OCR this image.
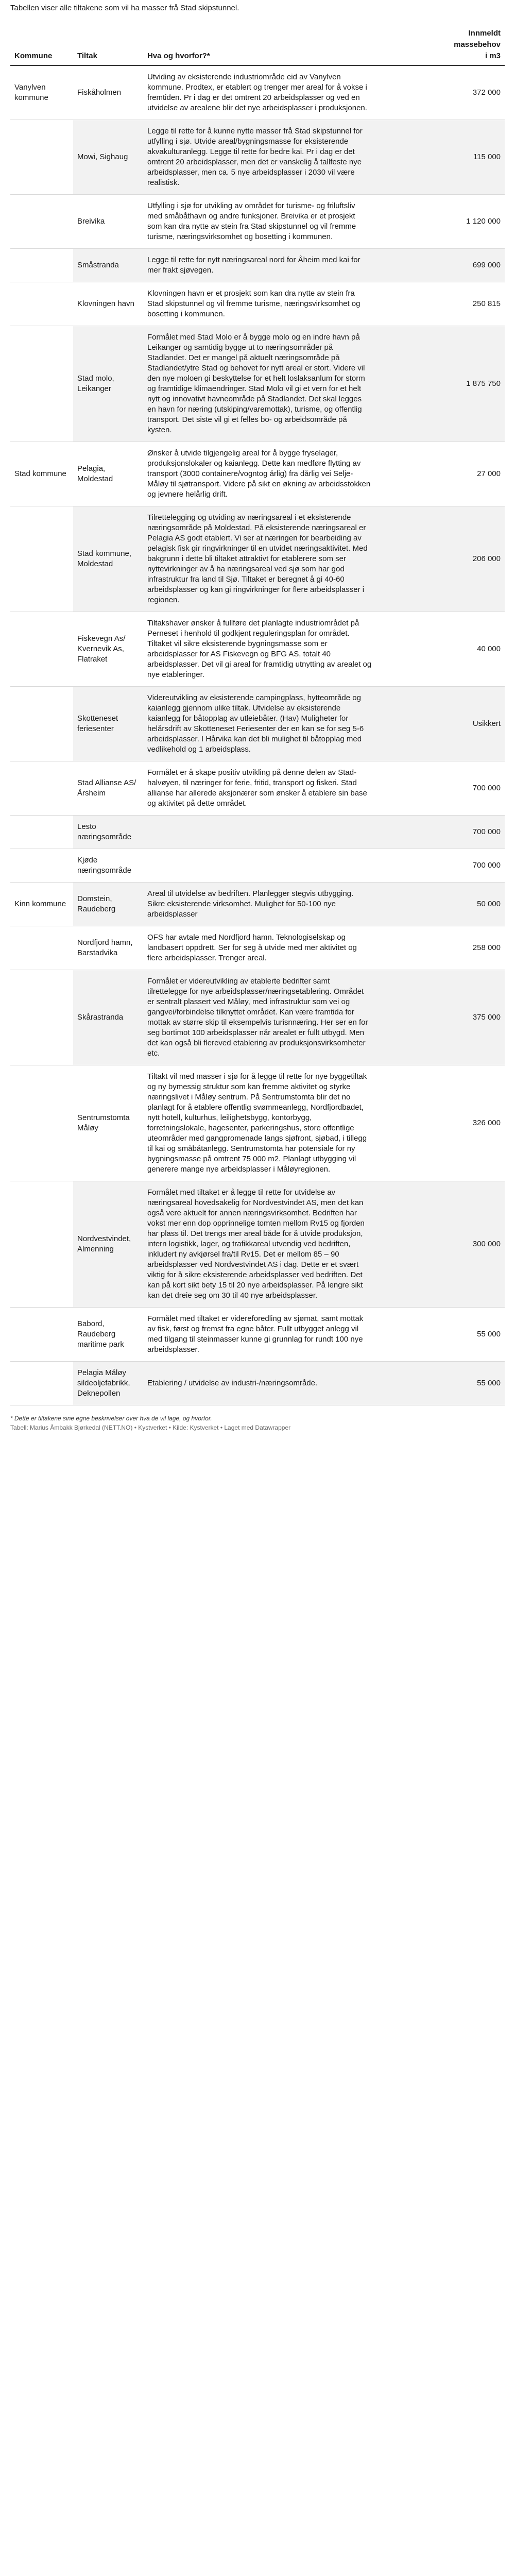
Tabellen viser alle tiltakene som vil ha masser frå Stad skipstunnel.

Kommune	Tiltak	Hva og hvorfor?*	Innmeldt
massebehov
i m3
Vanylven kommune	Fiskåholmen	Utviding av eksisterende industriområde eid av Vanylven kommune. Prodtex, er etablert og trenger mer areal for å vokse i fremtiden. Pr i dag er det omtrent 20 arbeidsplasser og ved en utvidelse av arealene blir det nye arbeidsplasser i produksjonen.	372 000
	Mowi, Sighaug	Legge til rette for å kunne nytte masser frå Stad skipstunnel for utfylling i sjø. Utvide areal/bygningsmasse for eksisterende akvakulturanlegg. Legge til rette for bedre kai. Pr i dag er det omtrent 20 arbeidsplasser, men det er vanskelig å tallfeste nye arbeidsplasser, men ca. 5 nye arbeidsplasser i 2030 vil være realistisk.	115 000
	Breivika	Utfylling i sjø for utvikling av området for turisme- og friluftsliv med småbåthavn og andre funksjoner. Breivika er et prosjekt som kan dra nytte av stein fra Stad skipstunnel og vil fremme turisme, næringsvirksomhet og bosetting i kommunen.	1 120 000
	Småstranda	Legge til rette for nytt næringsareal nord for Åheim med kai for mer frakt sjøvegen.	699 000
	Klovningen havn	Klovningen havn er et prosjekt som kan dra nytte av stein fra Stad skipstunnel og vil fremme turisme, næringsvirksomhet og bosetting i kommunen.	250 815
	Stad molo, Leikanger	Formålet med Stad Molo er å bygge molo og en indre havn på Leikanger og samtidig bygge ut to næringsområder på Stadlandet. Det er mangel på aktuelt næringsområde på Stadlandet/ytre Stad og behovet for nytt areal er stort. Videre vil den nye moloen gi beskyttelse for et helt loslaksanlum for storm og framtidige klimaendringer. Stad Molo vil gi et vern for et helt nytt og innovativt havneområde på Stadlandet. Det skal legges en havn for næring (utskiping/varemottak), turisme, og offentlig transport. Det siste vil gi et felles bo- og arbeidsområde på kysten.	1 875 750
Stad kommune	Pelagia, Moldestad	Ønsker å utvide tilgjengelig areal for å bygge fryselager, produksjonslokaler og kaianlegg. Dette kan medføre flytting av transport (3000 containere/vogntog årlig) fra dårlig vei Selje- Måløy til sjøtransport. Videre på sikt en økning av arbeidsstokken og jevnere helårlig drift.	27 000
	Stad kommune, Moldestad	Tilrettelegging og utviding av næringsareal i et eksisterende næringsområde på Moldestad. På eksisterende næringsareal er Pelagia AS godt etablert. Vi ser at næringen for bearbeiding av pelagisk fisk gir ringvirkninger til en utvidet næringsaktivitet. Med bakgrunn i dette bli tiltaket attraktivt for etablerere som ser nyttevirkninger av å ha næringsareal ved sjø som har god infrastruktur fra land til Sjø. Tiltaket er beregnet å gi 40-60 arbeidsplasser og kan gi ringvirkninger for flere arbeidsplasser i regionen.	206 000
	Fiskevegn As/ Kvernevik As, Flatraket	Tiltakshaver ønsker å fullføre det planlagte industriområdet på Perneset i henhold til godkjent reguleringsplan for området. Tiltaket vil sikre eksisterende bygningsmasse som er arbeidsplasser for AS Fiskevegn og BFG AS, totalt 40 arbeidsplasser. Det vil gi areal for framtidig utnytting av arealet og nye etableringer.	40 000
	Skotteneset feriesenter	Videreutvikling av eksisterende campingplass, hytteområde og kaianlegg gjennom ulike tiltak. Utvidelse av eksisterende kaianlegg for båtopplag av utleiebåter. (Hav) Muligheter for helårsdrift av Skotteneset Feriesenter der en kan se for seg 5-6 arbeidsplasser. I Hårvika kan det bli mulighet til båtopplag med vedlikehold og 1 arbeidsplass.	Usikkert
	Stad Allianse AS/ Årsheim	Formålet er å skape positiv utvikling på denne delen av Stad-halvøyen, til næringer for ferie, fritid, transport og fiskeri. Stad allianse har allerede aksjonærer som ønsker å etablere sin base og aktivitet på dette området.	700 000
	Lesto næringsområde		700 000
	Kjøde næringsområde		700 000
Kinn kommune	Domstein, Raudeberg	Areal til utvidelse av bedriften. Planlegger stegvis utbygging. Sikre eksisterende virksomhet. Mulighet for 50-100 nye arbeidsplasser	50 000
	Nordfjord hamn, Barstadvika	OFS har avtale med Nordfjord hamn. Teknologiselskap og landbasert oppdrett. Ser for seg å utvide med mer aktivitet og flere arbeidsplasser. Trenger areal.	258 000
	Skårastranda	Formålet er videreutvikling av etablerte bedrifter samt tilrettelegge for nye arbeidsplasser/næringsetablering. Området er sentralt plassert ved Måløy, med infrastruktur som vei og gangvei/forbindelse tilknyttet området. Kan være framtida for mottak av større skip til eksempelvis turisnnæring. Her ser en for seg bortimot 100 arbeidsplasser når arealet er fullt utbygd. Men det kan også bli flereved etablering av produksjonsvirksomheter etc.	375 000
	Sentrumstomta Måløy	Tiltakt vil med masser i sjø for å legge til rette for nye byggetiltak og ny bymessig struktur som kan fremme aktivitet og styrke næringslivet i Måløy sentrum. På Sentrumstomta blir det no planlagt for å etablere offentlig svømmeanlegg, Nordfjordbadet, nytt hotell, kulturhus, leilighetsbygg, kontorbygg, forretningslokale, hagesenter, parkeringshus, store offentlige uteområder med gangpromenade langs sjøfront, sjøbad, i tillegg til kai og småbåtanlegg. Sentrumstomta har potensiale for ny bygningsmasse på omtrent 75 000 m2. Planlagt utbygging vil generere mange nye arbeidsplasser i Måløyregionen.	326 000
	Nordvestvindet, Almenning	Formålet med tiltaket er å legge til rette for utvidelse av næringsareal hovedsakelig for Nordvestvindet AS, men det kan også vere aktuelt for annen næringsvirksomhet. Bedriften har vokst mer enn dop opprinnelige tomten mellom Rv15 og fjorden har plass til. Det trengs mer areal både for å utvide produksjon, intern logistikk, lager, og trafikkareal utvendig ved bedriften, inkludert ny avkjørsel fra/til Rv15. Det er mellom 85 – 90 arbeidsplasser ved Nordvestvindet AS i dag. Dette er et svært viktig for å sikre eksisterende arbeidsplasser ved bedriften. Det kan på kort sikt bety 15 til 20 nye arbeidsplasser. På lengre sikt kan det dreie seg om 30 til 40 nye arbeidsplasser.	300 000
	Babord, Raudeberg maritime park	Formålet med tiltaket er videreforedling av sjømat, samt mottak av fisk, først og fremst fra egne båter. Fullt utbygget anlegg vil med tilgang til steinmasser kunne gi grunnlag for rundt 100 nye arbeidsplasser.	55 000
	Pelagia Måløy sildeoljefabrikk, Deknepollen	Etablering / utvidelse av industri-/næringsområde.	55 000
* Dette er tiltakene sine egne beskrivelser over hva de vil lage, og hvorfor.
Tabell: Marius Åmbakk Bjørkedal (NETT.NO) • Kystverket • Kilde: Kystverket • Laget med Datawrapper
